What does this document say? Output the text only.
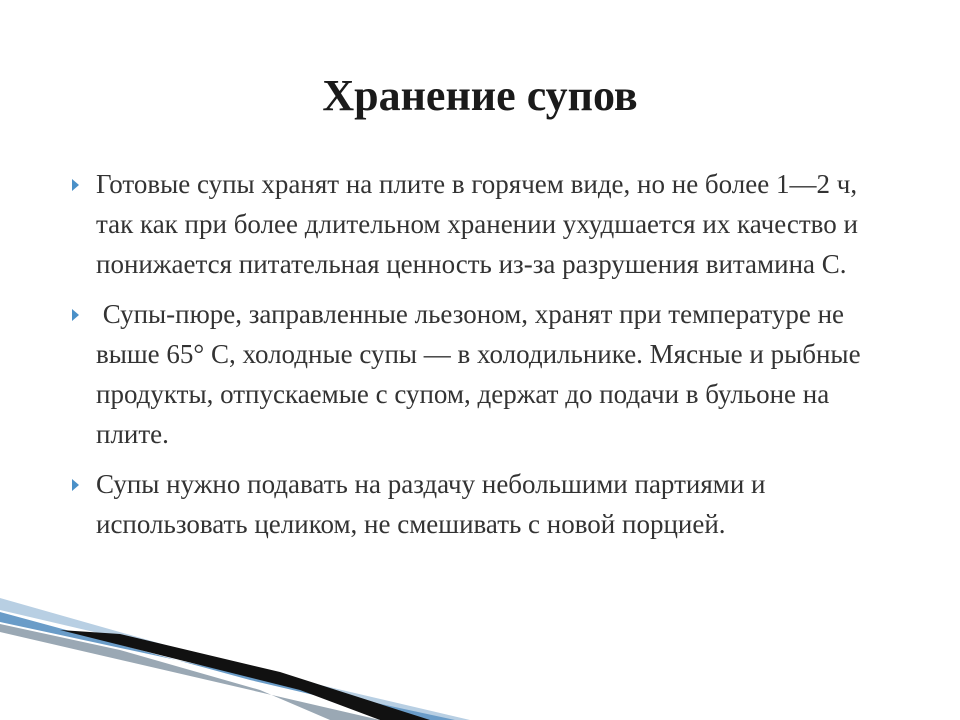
Хранение супов
Готовые супы хранят на плите в горячем виде, но не более 1—2 ч, так как при более длительном хранении ухудшается их качество и понижается питательная ценность из-за разрушения витамина С.
Супы-пюре, заправленные льезоном, хранят при температуре не выше 65° С, холодные супы — в холодильнике. Мясные и рыбные продукты, отпускаемые с супом, держат до подачи в бульоне на плите.
Супы нужно подавать на раздачу небольшими партиями и использовать целиком, не смешивать с новой порцией.
